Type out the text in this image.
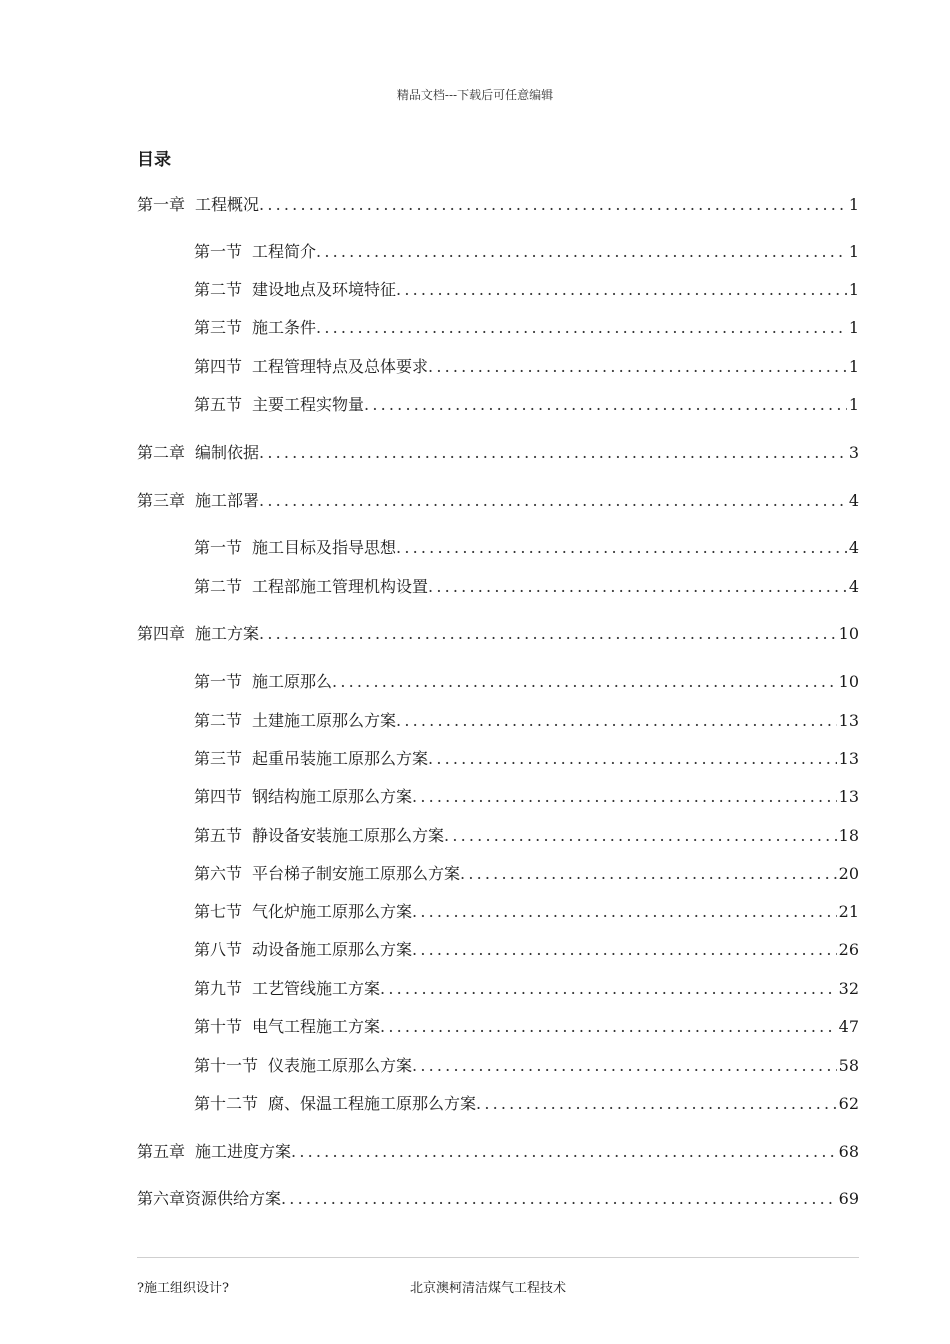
精品文档---下载后可任意编辑
目录
第一章 工程概况 .....	1
第一节 工程简介 .....	1
第二节 建设地点及环境特征 .....	1
第三节 施工条件 .....	1
第四节 工程管理特点及总体要求 .....	1
第五节 主要工程实物量 .....	1
第二章 编制依据 .....	3
第三章 施工部署 .....	4
第一节 施工目标及指导思想 .....	4
第二节 工程部施工管理机构设置 .....	4
第四章 施工方案 .....	10
第一节 施工原那么 .....	10
第二节 土建施工原那么方案 .....	13
第三节 起重吊装施工原那么方案 .....	13
第四节 钢结构施工原那么方案 .....	13
第五节 静设备安装施工原那么方案 .....	18
第六节 平台梯子制安施工原那么方案 .....	20
第七节 气化炉施工原那么方案 .....	21
第八节 动设备施工原那么方案 .....	26
第九节 工艺管线施工方案 .....	32
第十节 电气工程施工方案 .....	47
第十一节 仪表施工原那么方案 .....	58
第十二节 腐、保温工程施工原那么方案 .....	62
第五章 施工进度方案 .....	68
第六章资源供给方案 .....	69
?施工组织设计?	北京澳柯清洁煤气工程技术
